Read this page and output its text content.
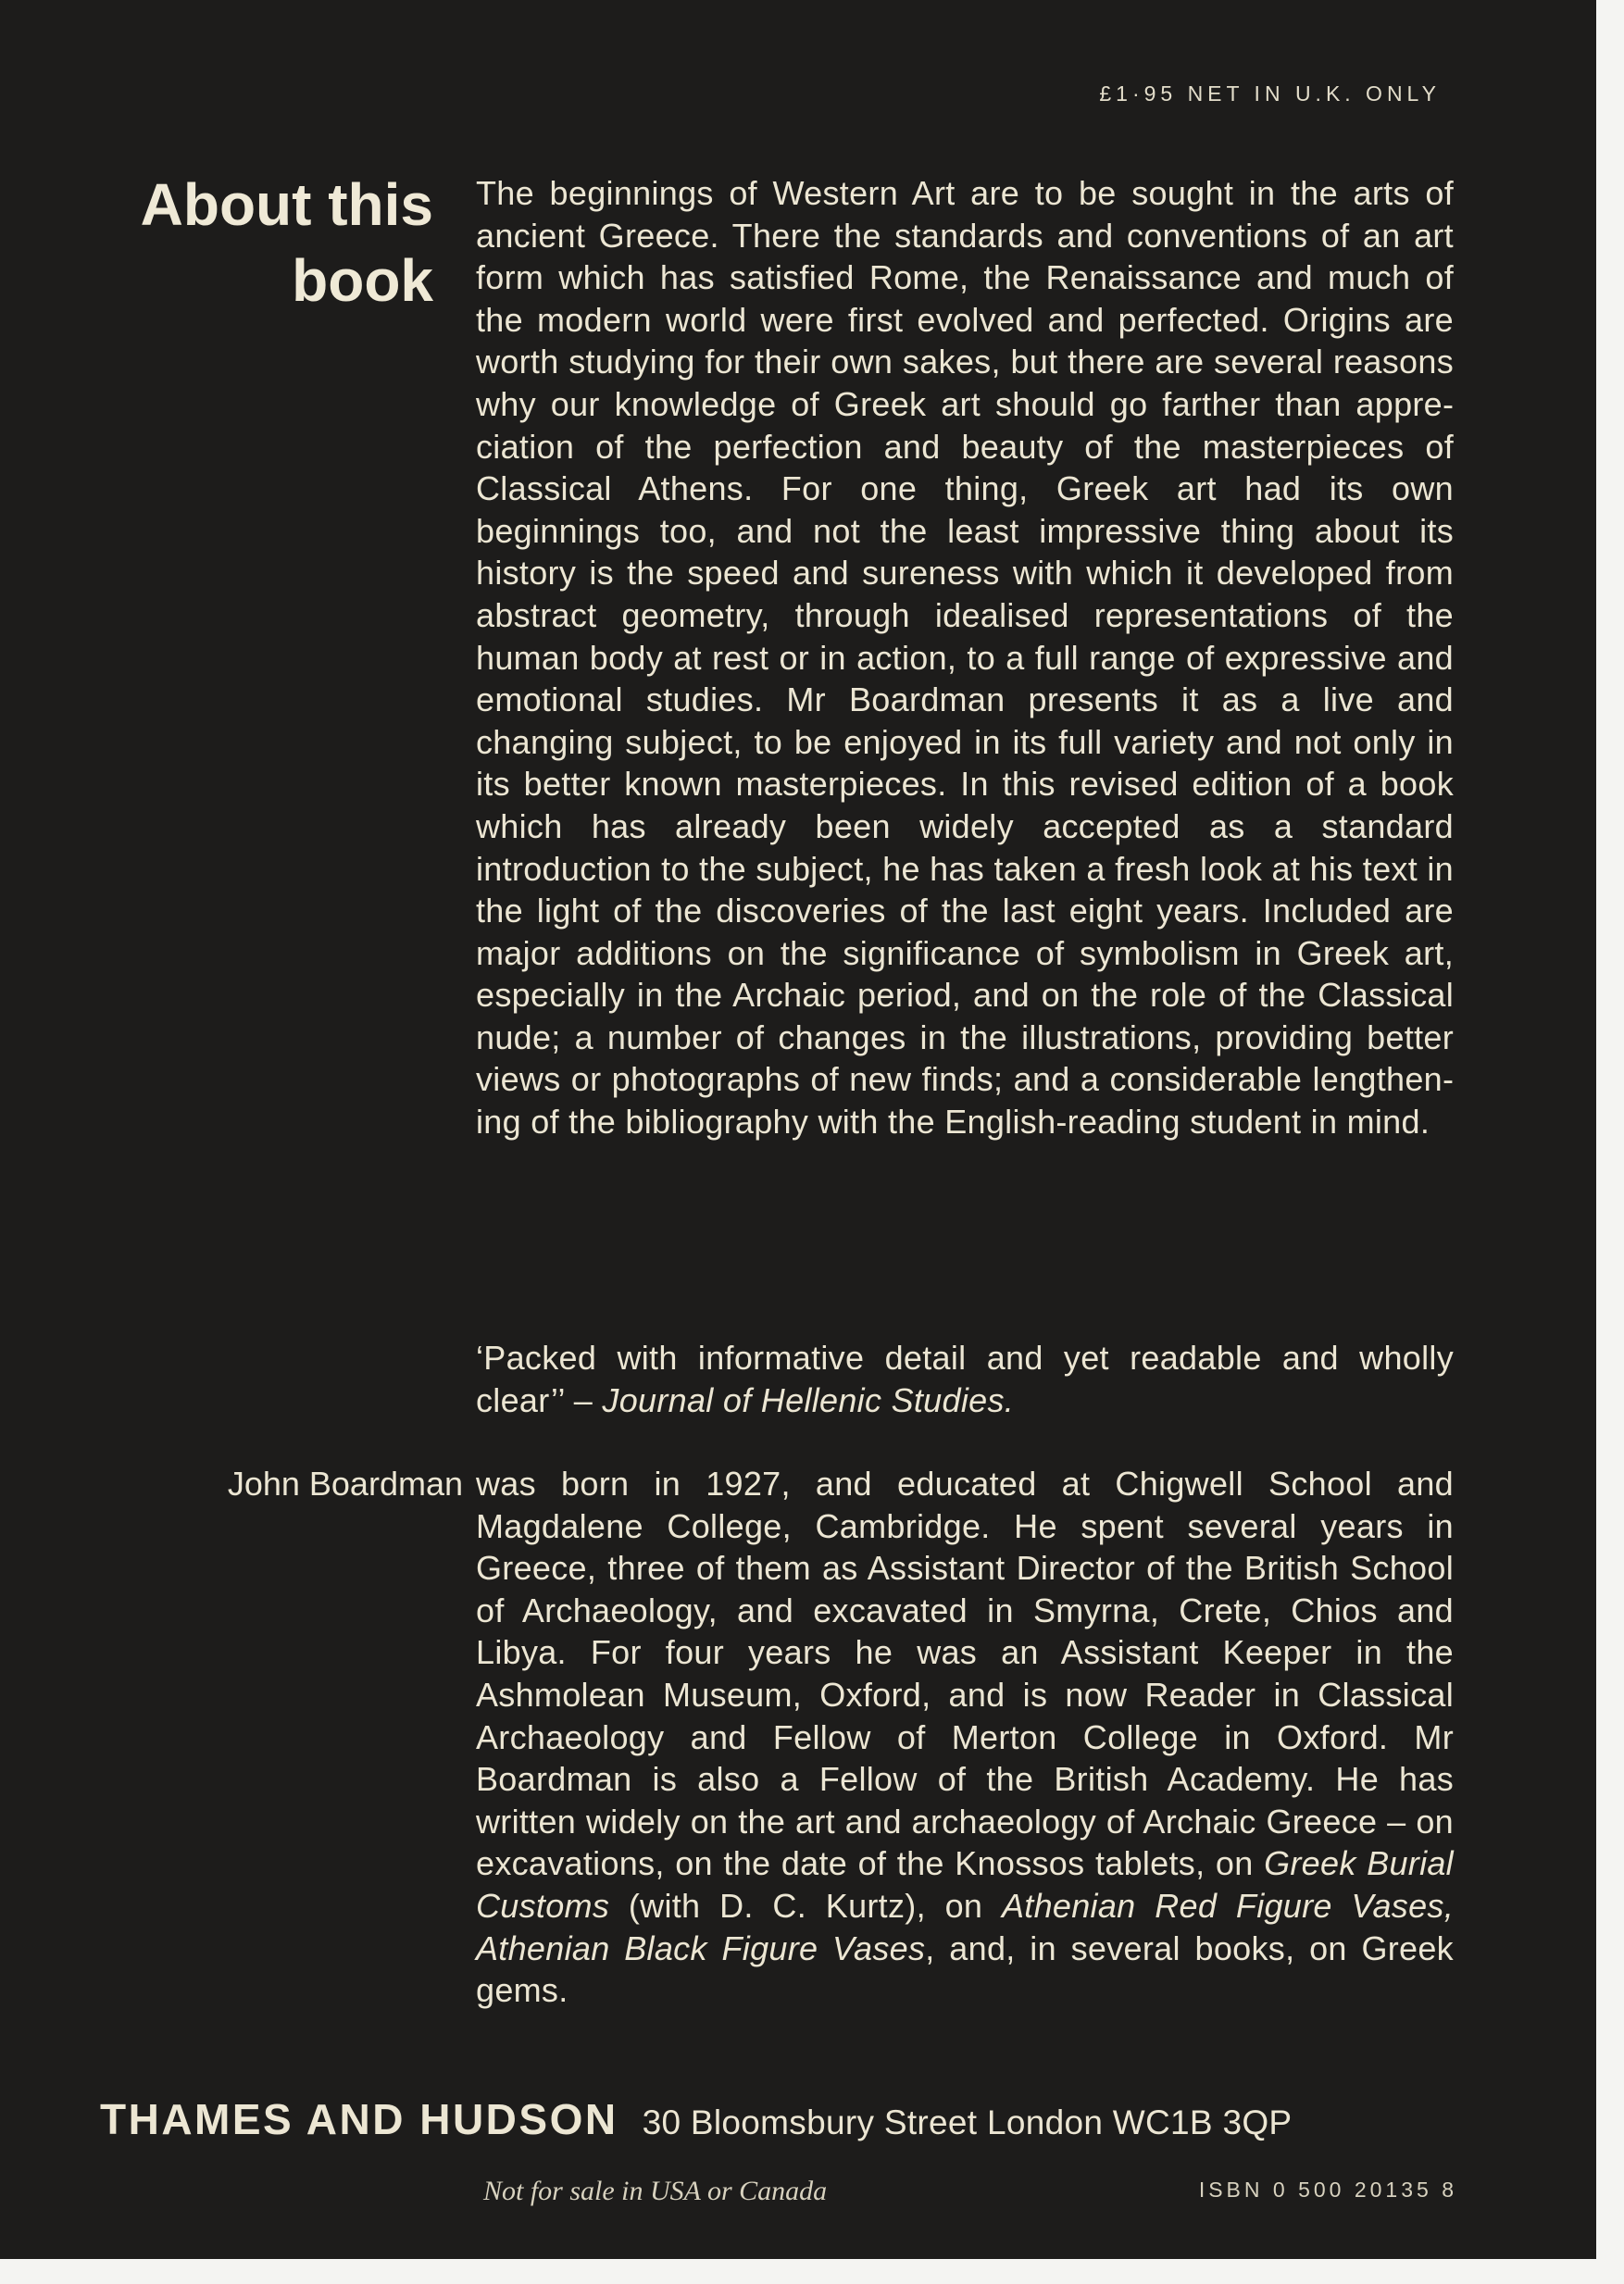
£1·95 NET IN U.K. ONLY
About this
book

The beginnings of Western Art are to be sought in the arts of ancient Greece. There the standards and conventions of an art form which has satisfied Rome, the Renaissance and much of the modern world were first evolved and perfected. Origins are worth studying for their own sakes, but there are several reasons why our knowledge of Greek art should go farther than appreciation of the perfection and beauty of the masterpieces of Classical Athens. For one thing, Greek art had its own beginnings too, and not the least impressive thing about its history is the speed and sureness with which it developed from abstract geometry, through idealised representations of the human body at rest or in action, to a full range of expressive and emotional studies. Mr Boardman presents it as a live and changing subject, to be enjoyed in its full variety and not only in its better known masterpieces. In this revised edition of a book which has already been widely accepted as a standard introduction to the subject, he has taken a fresh look at his text in the light of the discoveries of the last eight years. Included are major additions on the significance of symbolism in Greek art, especially in the Archaic period, and on the role of the Classical nude; a number of changes in the illustrations, providing better views or photographs of new finds; and a considerable lengthening of the bibliography with the English-reading student in mind.

‘Packed with informative detail and yet readable and wholly clear’’ – Journal of Hellenic Studies.

John Boardman was born in 1927, and educated at Chigwell School and Magdalene College, Cambridge. He spent several years in Greece, three of them as Assistant Director of the British School of Archaeology, and excavated in Smyrna, Crete, Chios and Libya. For four years he was an Assistant Keeper in the Ashmolean Museum, Oxford, and is now Reader in Classical Archaeology and Fellow of Merton College in Oxford. Mr Boardman is also a Fellow of the British Academy. He has written widely on the art and archaeology of Archaic Greece – on excavations, on the date of the Knossos tablets, on Greek Burial Customs (with D. C. Kurtz), on Athenian Red Figure Vases, Athenian Black Figure Vases, and, in several books, on Greek gems.

THAMES AND HUDSON 30 Bloomsbury Street London WC1B 3QP
Not for sale in USA or Canada	ISBN 0 500 20135 8
